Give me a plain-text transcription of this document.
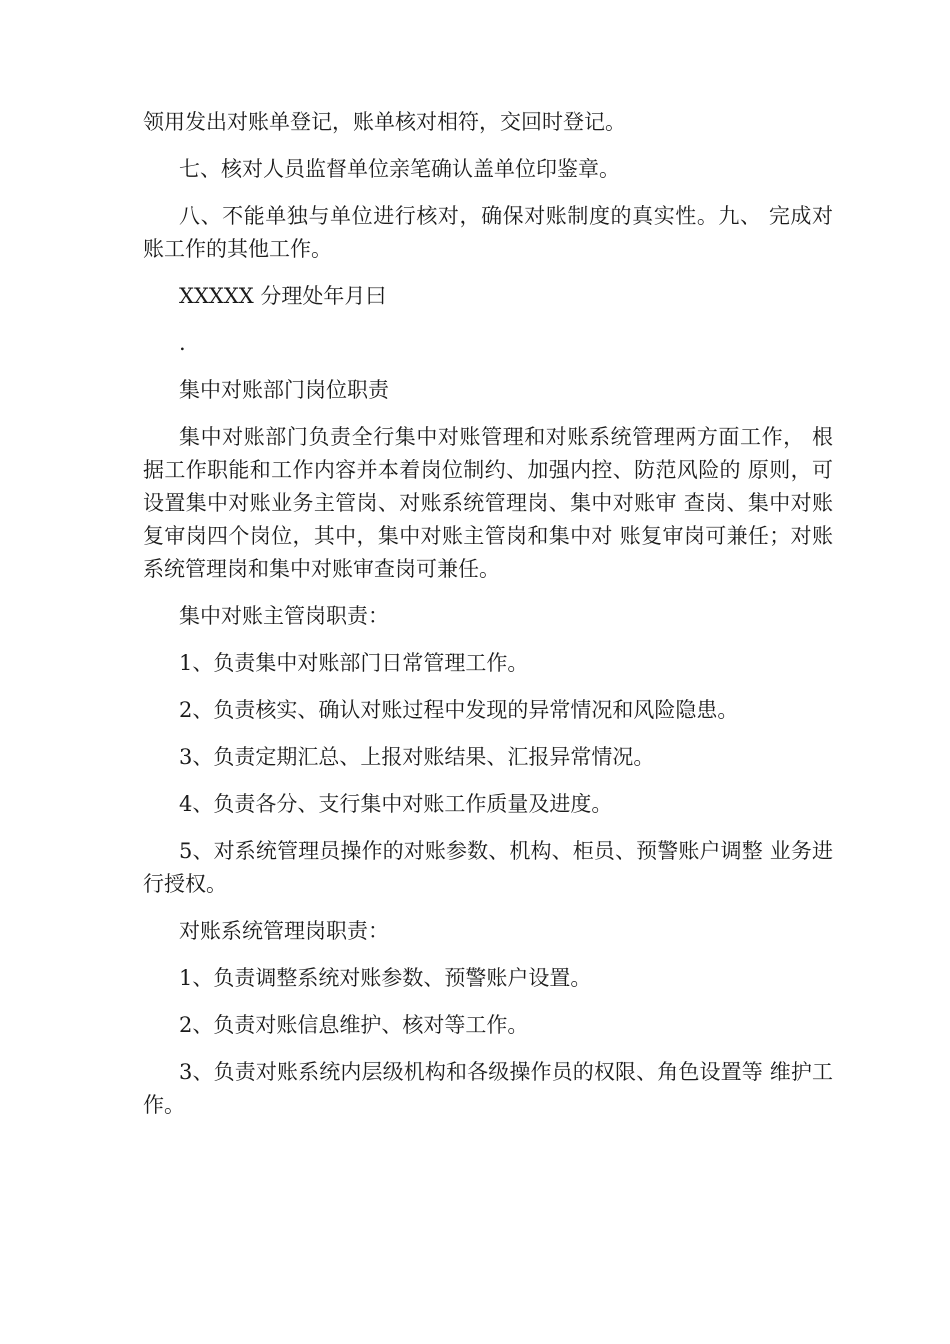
领用发出对账单登记，账单核对相符，交回时登记。

七、核对人员监督单位亲笔确认盖单位印鉴章。

八、不能单独与单位进行核对，确保对账制度的真实性。九、 完成对账工作的其他工作。

XXXXX 分理处年月曰

.

集中对账部门岗位职责

集中对账部门负责全行集中对账管理和对账系统管理两方面工作， 根据工作职能和工作内容并本着岗位制约、加强内控、防范风险的 原则，可设置集中对账业务主管岗、对账系统管理岗、集中对账审 查岗、集中对账复审岗四个岗位，其中，集中对账主管岗和集中对 账复审岗可兼任；对账系统管理岗和集中对账审查岗可兼任。

集中对账主管岗职责：

1、负责集中对账部门日常管理工作。

2、负责核实、确认对账过程中发现的异常情况和风险隐患。

3、负责定期汇总、上报对账结果、汇报异常情况。

4、负责各分、支行集中对账工作质量及进度。

5、对系统管理员操作的对账参数、机构、柜员、预警账户调整 业务进行授权。

对账系统管理岗职责：

1、负责调整系统对账参数、预警账户设置。

2、负责对账信息维护、核对等工作。

3、负责对账系统内层级机构和各级操作员的权限、角色设置等 维护工作。
